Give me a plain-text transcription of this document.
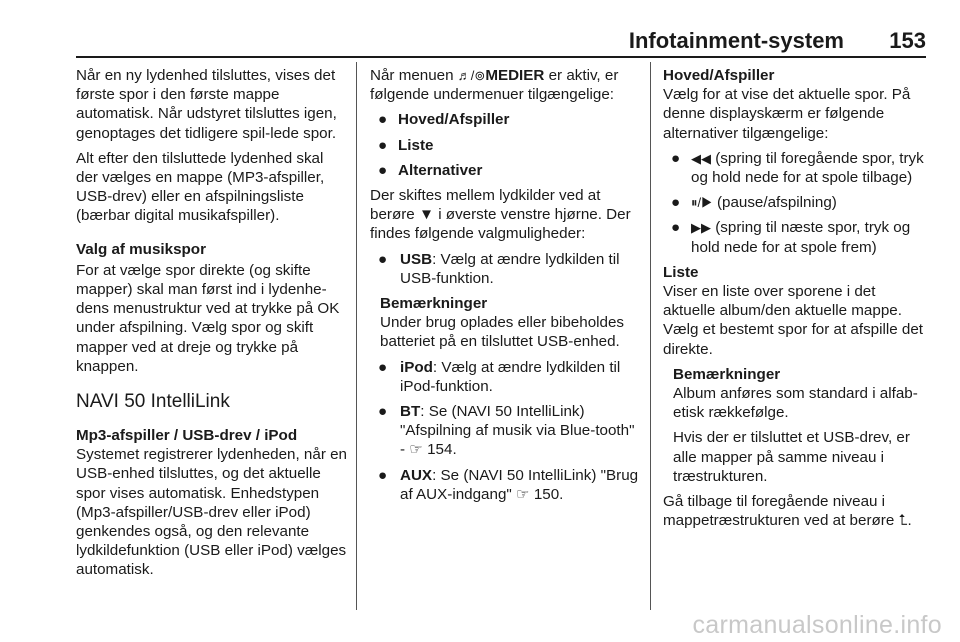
Infotainment-system 153

Når en ny lydenhed tilsluttes, vises det første spor i den første mappe automatisk. Når udstyret tilsluttes igen, genoptages det tidligere spil-lede spor.

Alt efter den tilsluttede lydenhed skal der vælges en mappe (MP3-afspiller, USB-drev) eller en afspilningsliste (bærbar digital musikafspiller).

Valg af musikspor

For at vælge spor direkte (og skifte mapper) skal man først ind i lydenhe-dens menustruktur ved at trykke på OK under afspilning. Vælg spor og skift mapper ved at dreje og trykke på knappen.

NAVI 50 IntelliLink

Mp3-afspiller / USB-drev / iPod

Systemet registrerer lydenheden, når en USB-enhed tilsluttes, og det aktuelle spor vises automatisk. Enhedstypen (Mp3-afspiller/USB-drev eller iPod) genkendes også, og den relevante lydkildefunktion (USB eller iPod) vælges automatisk.

Når menuen ♬/⊚MEDIER er aktiv, er følgende undermenuer tilgængelige:

● Hoved/Afspiller
● Liste
● Alternativer

Der skiftes mellem lydkilder ved at berøre ▼ i øverste venstre hjørne. Der findes følgende valgmuligheder:

● USB: Vælg at ændre lydkilden til USB-funktion.

Bemærkninger

Under brug oplades eller bibeholdes batteriet på en tilsluttet USB-enhed.

● iPod: Vælg at ændre lydkilden til iPod-funktion.
● BT: Se (NAVI 50 IntelliLink) "Afspilning af musik via Blue-tooth" - ☞ 154.
● AUX: Se (NAVI 50 IntelliLink) "Brug af AUX-indgang" ☞ 150.

Hoved/Afspiller

Vælg for at vise det aktuelle spor. På denne displayskærm er følgende alternativer tilgængelige:

● ◀◀ (spring til foregående spor, tryk og hold nede for at spole tilbage)
● ⏸/▶ (pause/afspilning)
● ▶▶ (spring til næste spor, tryk og hold nede for at spole frem)

Liste

Viser en liste over sporene i det aktuelle album/den aktuelle mappe. Vælg et bestemt spor for at afspille det direkte.

Bemærkninger

Album anføres som standard i alfab-etisk rækkefølge.

Hvis der er tilsluttet et USB-drev, er alle mapper på samme niveau i træstrukturen.

Gå tilbage til foregående niveau i mappetræstrukturen ved at berøre ⮤.

carmanualsonline.info
